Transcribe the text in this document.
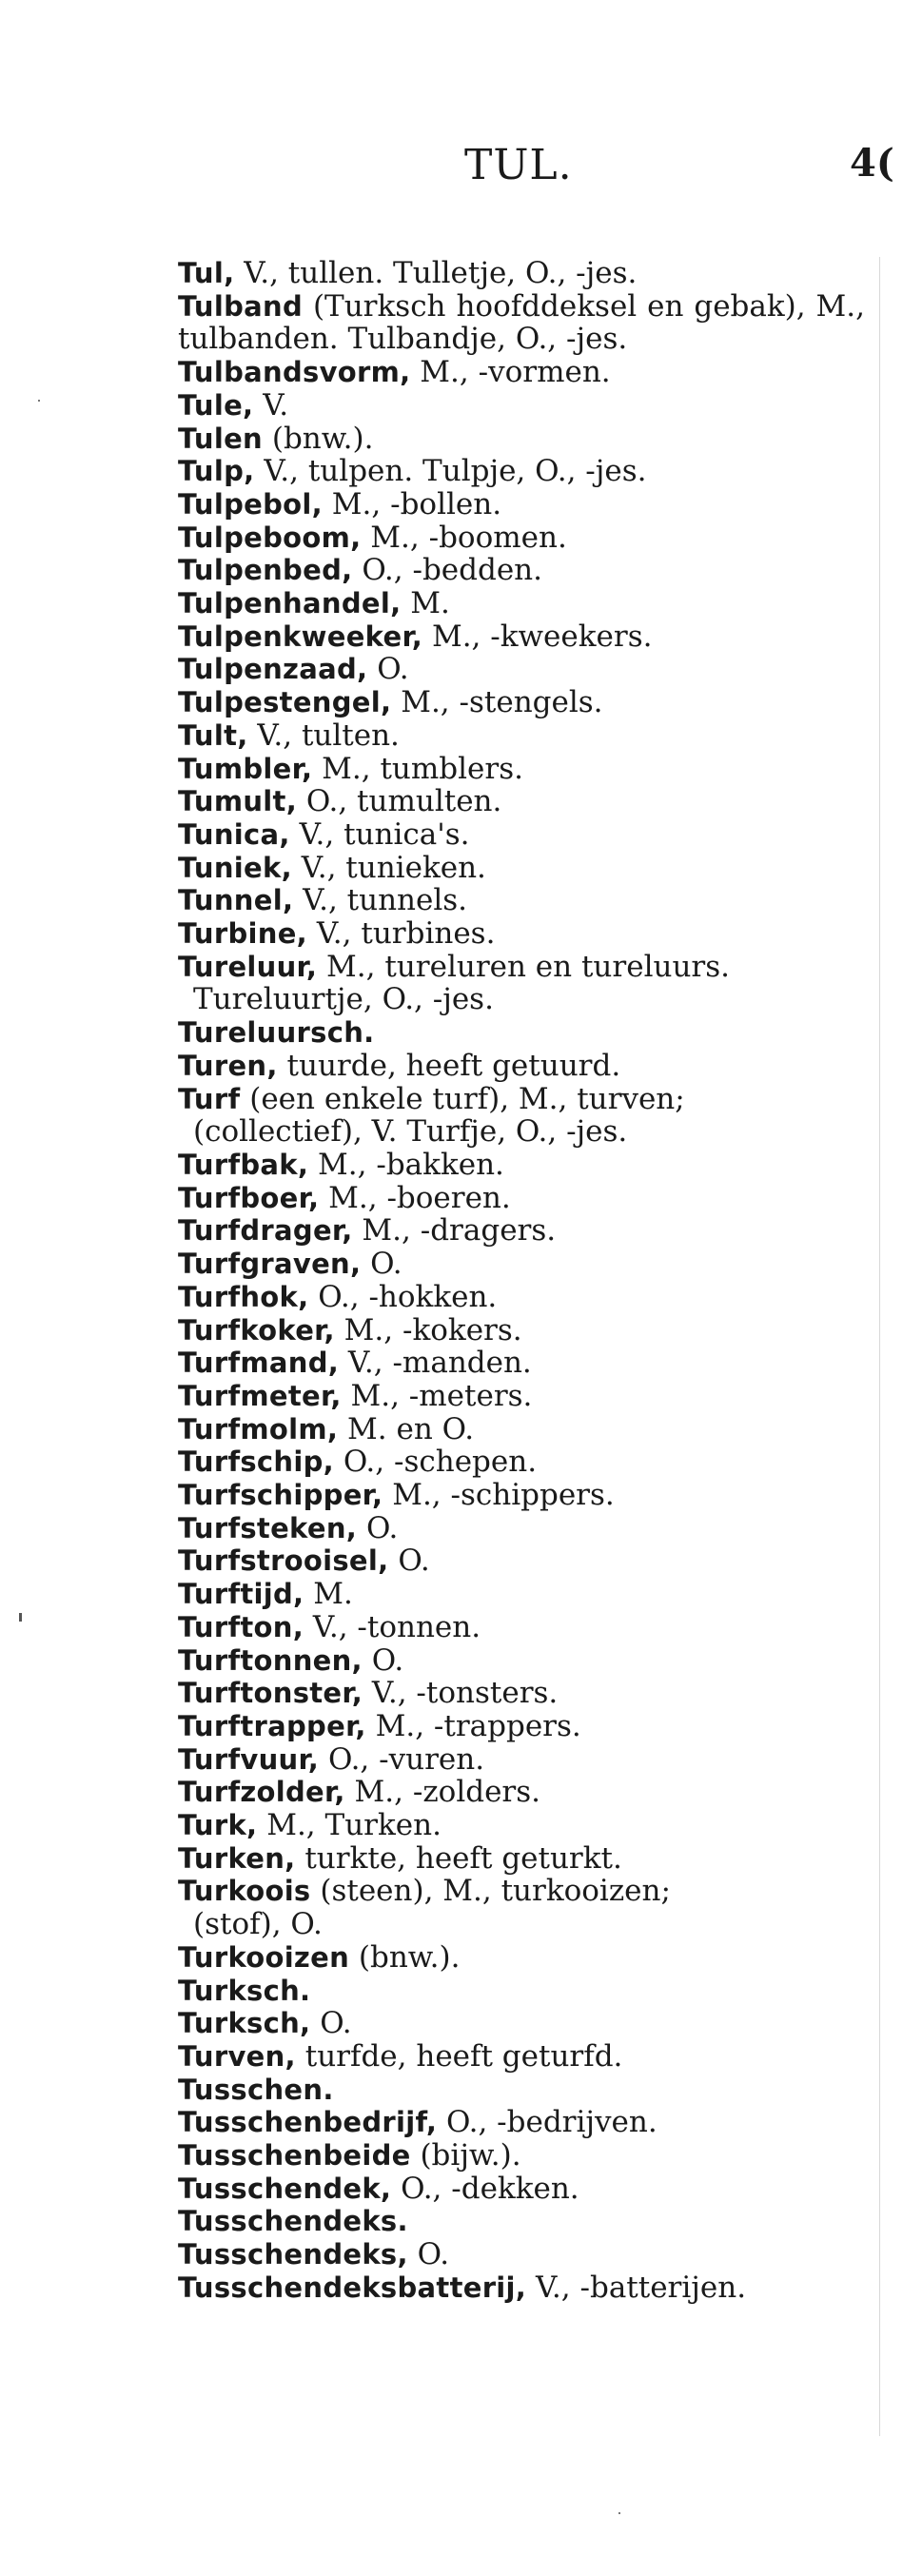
TUL.	4(
Tul, V., tullen. Tulletje, O., -jes.
Tulband (Turksch hoofddeksel en gebak), M., tulbanden. Tulbandje, O., -jes.
Tulbandsvorm, M., -vormen.
Tule, V.
Tulen (bnw.).
Tulp, V., tulpen. Tulpje, O., -jes.
Tulpebol, M., -bollen.
Tulpeboom, M., -boomen.
Tulpenbed, O., -bedden.
Tulpenhandel, M.
Tulpenkweeker, M., -kweekers.
Tulpenzaad, O.
Tulpestengel, M., -stengels.
Tult, V., tulten.
Tumbler, M., tumblers.
Tumult, O., tumulten.
Tunica, V., tunica's.
Tuniek, V., tunieken.
Tunnel, V., tunnels.
Turbine, V., turbines.
Tureluur, M., tureluren en tureluurs.
Tureluurtje, O., -jes.
Tureluursch.
Turen, tuurde, heeft getuurd.
Turf (een enkele turf), M., turven;
(collectief), V. Turfje, O., -jes.
Turfbak, M., -bakken.
Turfboer, M., -boeren.
Turfdrager, M., -dragers.
Turfgraven, O.
Turfhok, O., -hokken.
Turfkoker, M., -kokers.
Turfmand, V., -manden.
Turfmeter, M., -meters.
Turfmolm, M. en O.
Turfschip, O., -schepen.
Turfschipper, M., -schippers.
Turfsteken, O.
Turfstrooisel, O.
Turftijd, M.
Turfton, V., -tonnen.
Turftonnen, O.
Turftonster, V., -tonsters.
Turftrapper, M., -trappers.
Turfvuur, O., -vuren.
Turfzolder, M., -zolders.
Turk, M., Turken.
Turken, turkte, heeft geturkt.
Turkoois (steen), M., turkooizen;
(stof), O.
Turkooizen (bnw.).
Turksch.
Turksch, O.
Turven, turfde, heeft geturfd.
Tusschen.
Tusschenbedrijf, O., -bedrijven.
Tusschenbeide (bijw.).
Tusschendek, O., -dekken.
Tusschendeks.
Tusschendeks, O.
Tusschendeksbatterij, V., -batterijen.
